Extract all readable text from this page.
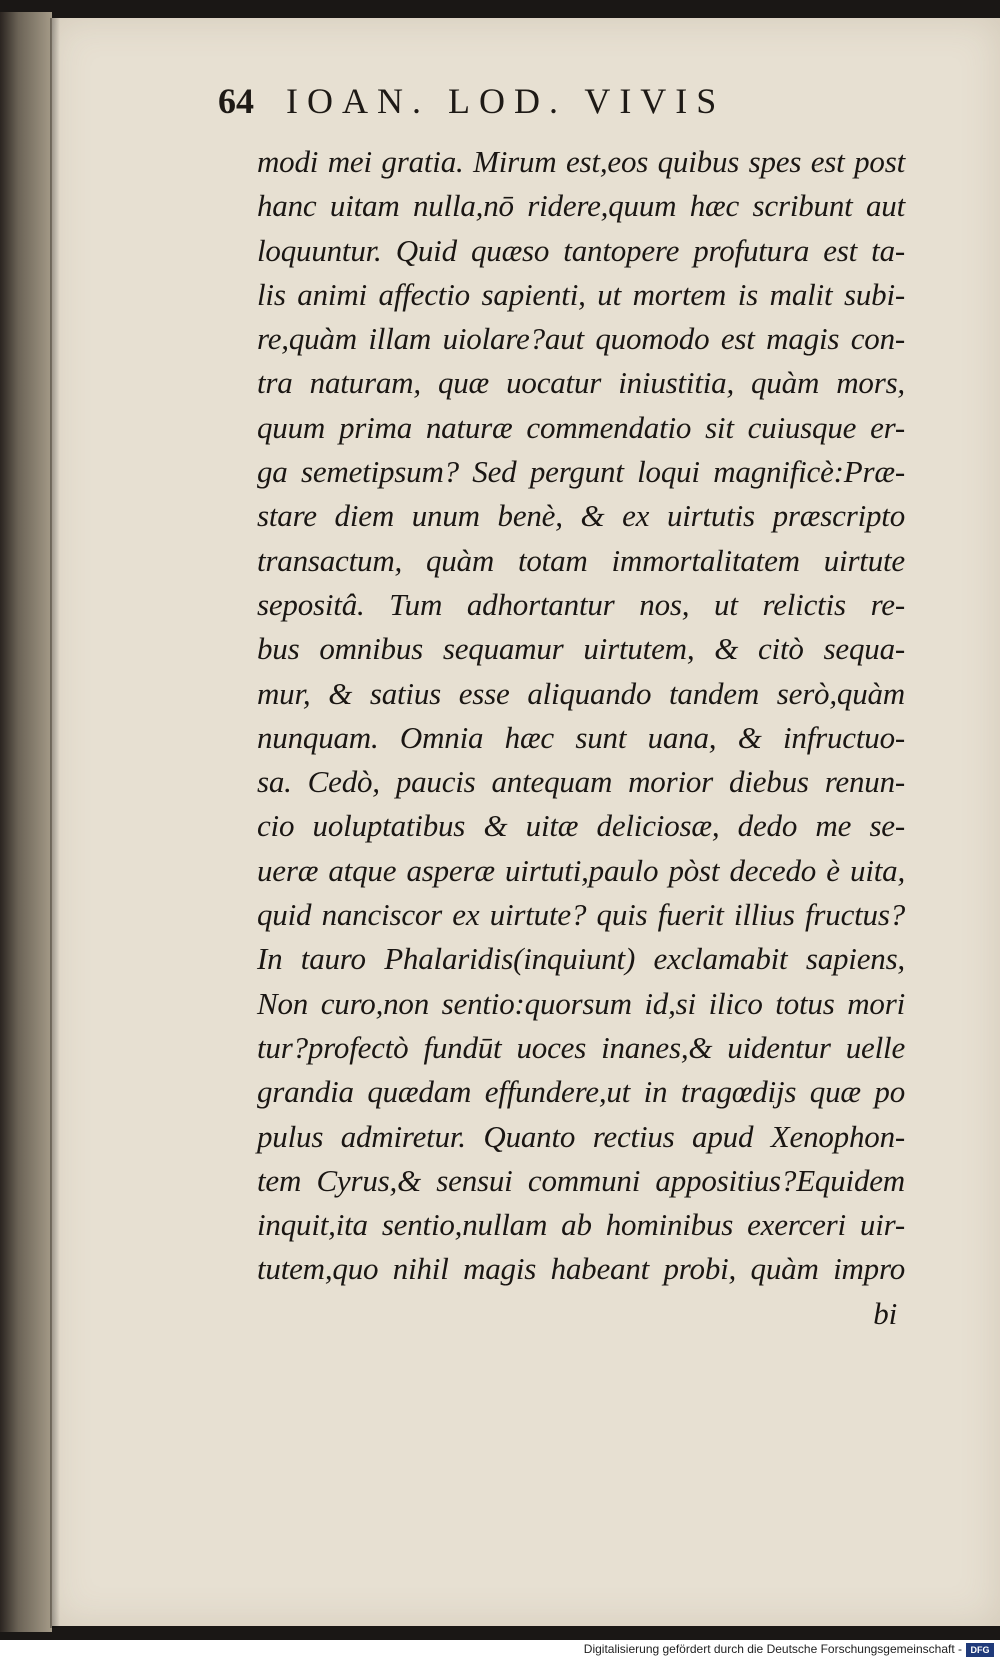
64 IOAN. LOD. VIVIS
modi mei gratia. Mirum est,eos quibus spes est post
hanc uitam nulla,nō ridere,quum hæc scribunt aut
loquuntur. Quid quæso tantopere profutura est ta-
lis animi affectio sapienti, ut mortem is malit subi-
re,quàm illam uiolare?aut quomodo est magis con-
tra naturam, quæ uocatur iniustitia, quàm mors,
quum prima naturæ commendatio sit cuiusque er-
ga semetipsum? Sed pergunt loqui magnificè:Præ-
stare diem unum benè, & ex uirtutis præscripto
transactum, quàm totam immortalitatem uirtute
sepositâ. Tum adhortantur nos, ut relictis re-
bus omnibus sequamur uirtutem, & citò sequa-
mur, & satius esse aliquando tandem serò,quàm
nunquam. Omnia hæc sunt uana, & infructuo-
sa. Cedò, paucis antequam morior diebus renun-
cio uoluptatibus & uitæ deliciosæ, dedo me se-
ueræ atque asperæ uirtuti,paulo pòst decedo è uita,
quid nanciscor ex uirtute? quis fuerit illius fructus?
In tauro Phalaridis(inquiunt) exclamabit sapiens,
Non curo,non sentio:quorsum id,si ilico totus mori
tur?profectò fundūt uoces inanes,& uidentur uelle
grandia quædam effundere,ut in tragœdijs quæ po
pulus admiretur. Quanto rectius apud Xenophon-
tem Cyrus,& sensui communi appositius?Equidem
inquit,ita sentio,nullam ab hominibus exerceri uir-
tutem,quo nihil magis habeant probi, quàm impro
bi
Digitalisierung gefördert durch die Deutsche Forschungsgemeinschaft - DFG
